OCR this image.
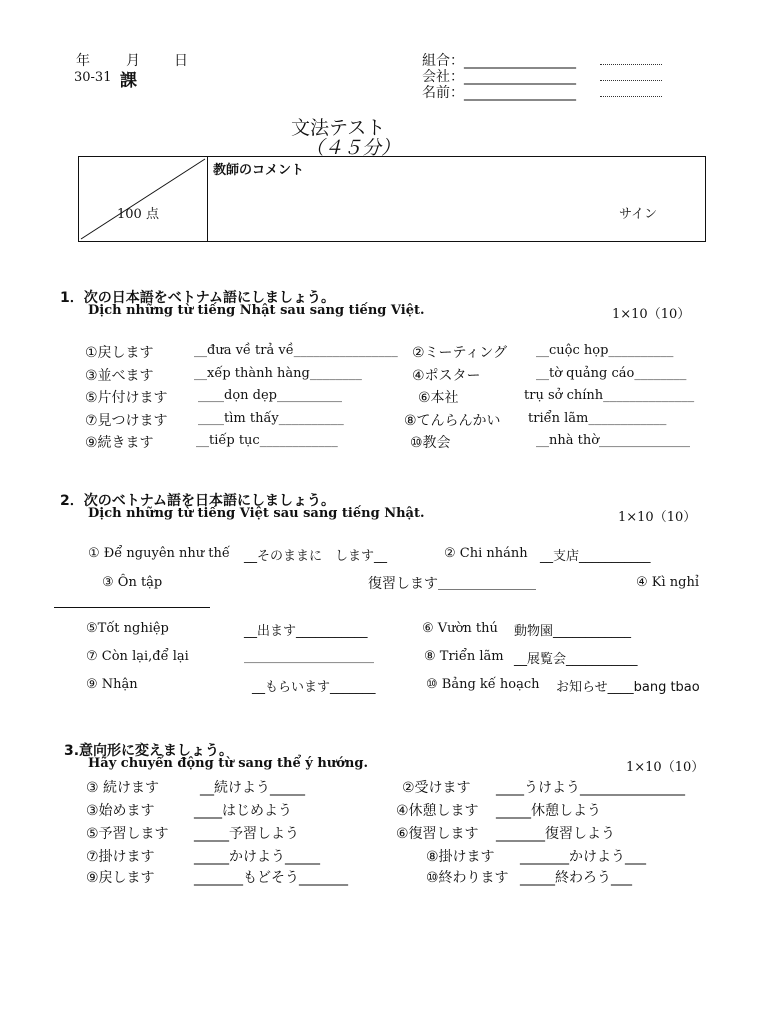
年	月 日
30-31 課
組合：________________
会社：________________
名前：________________
文法テスト
（４５分）
100 点
教師のコメント
サイン
1．次の日本語をベトナム語にしましょう。
Dịch những từ tiếng Nhật sau sang tiếng Việt.	1×10（10）
①戻します	__đưa về trả về________________ ②ミーティング __cuộc họp__________
③並べます	__xếp thành hàng________	④ポスター	__tờ quảng cáo________
⑤片付けます ____dọn dẹp__________	⑥本社	trụ sở chính______________
⑦見つけます ____tìm thấy__________	⑧てんらんかい triển lãm____________
⑨続きます	__tiếp tục____________	⑩教会	__nhà thờ______________
2．次のベトナム語を日本語にしましょう。
Dịch những từ tiếng Việt sau sang tiếng Nhật.	1×10（10）
① Để nguyên như thế __そのままに　します__	② Chi nhánh __支店___________
③ Ôn tập	復習します＿＿＿＿＿＿＿	④ Kì nghỉ
⑤Tốt nghiệp	__出ます___________	⑥ Vườn thú 動物園____________
⑦ Còn lại,để lại	____________________	⑧ Triển lãm __展覧会___________
⑨ Nhận	__もらいます_______	⑩ Bảng kế hoạch お知らせ____bang tbao
3.意向形に変えましょう。
Hãy chuyển động từ sang thể ý hướng.	1×10（10）
③ 続けます	__続けよう_____	②受けます ____うけよう_______________
③始めます	____はじめよう	④休憩します _____休憩しよう
⑤予習します _____予習しよう	⑥復習します _______復習しよう
⑦掛けます	_____かけよう_____	⑧掛けます _______かけよう___
⑨戻します	_______もどそう_______	⑩終わります _____終わろう___
